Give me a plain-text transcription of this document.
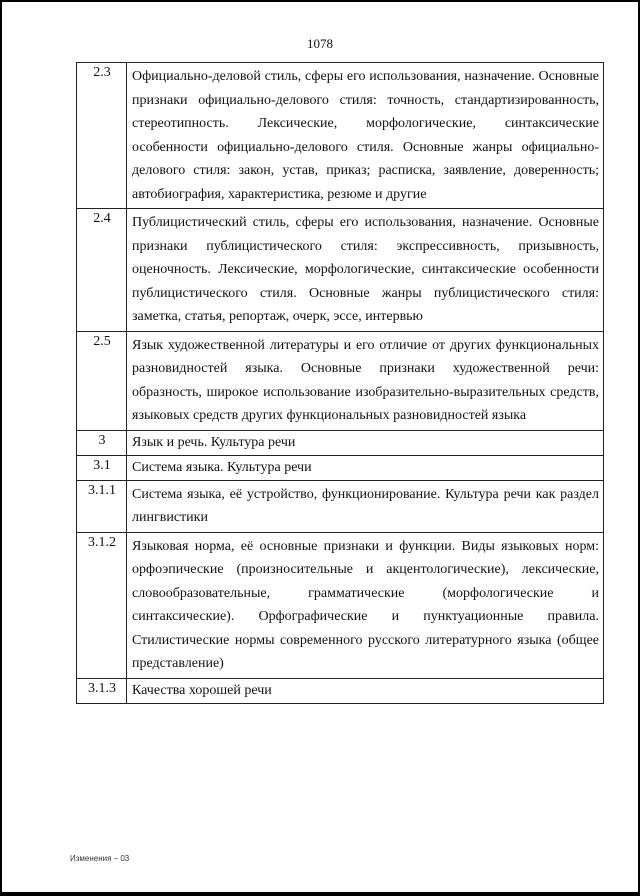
1078
2.3	Официально-деловой стиль, сферы его использования, назначение. Основные признаки официально-делового стиля: точность, стандартизированность, стереотипность. Лексические, морфологические, синтаксические особенности официально-делового стиля. Основные жанры официально-делового стиля: закон, устав, приказ; расписка, заявление, доверенность; автобиография, характеристика, резюме и другие
2.4	Публицистический стиль, сферы его использования, назначение. Основные признаки публицистического стиля: экспрессивность, призывность, оценочность. Лексические, морфологические, синтаксические особенности публицистического стиля. Основные жанры публицистического стиля: заметка, статья, репортаж, очерк, эссе, интервью
2.5	Язык художественной литературы и его отличие от других функциональных разновидностей языка. Основные признаки художественной речи: образность, широкое использование изобразительно-выразительных средств, языковых средств других функциональных разновидностей языка
3	Язык и речь. Культура речи
3.1	Система языка. Культура речи
3.1.1	Система языка, её устройство, функционирование. Культура речи как раздел лингвистики
3.1.2	Языковая норма, её основные признаки и функции. Виды языковых норм: орфоэпические (произносительные и акцентологические), лексические, словообразовательные, грамматические (морфологические и синтаксические). Орфографические и пунктуационные правила. Стилистические нормы современного русского литературного языка (общее представление)
3.1.3	Качества хорошей речи
Изменения – 03
